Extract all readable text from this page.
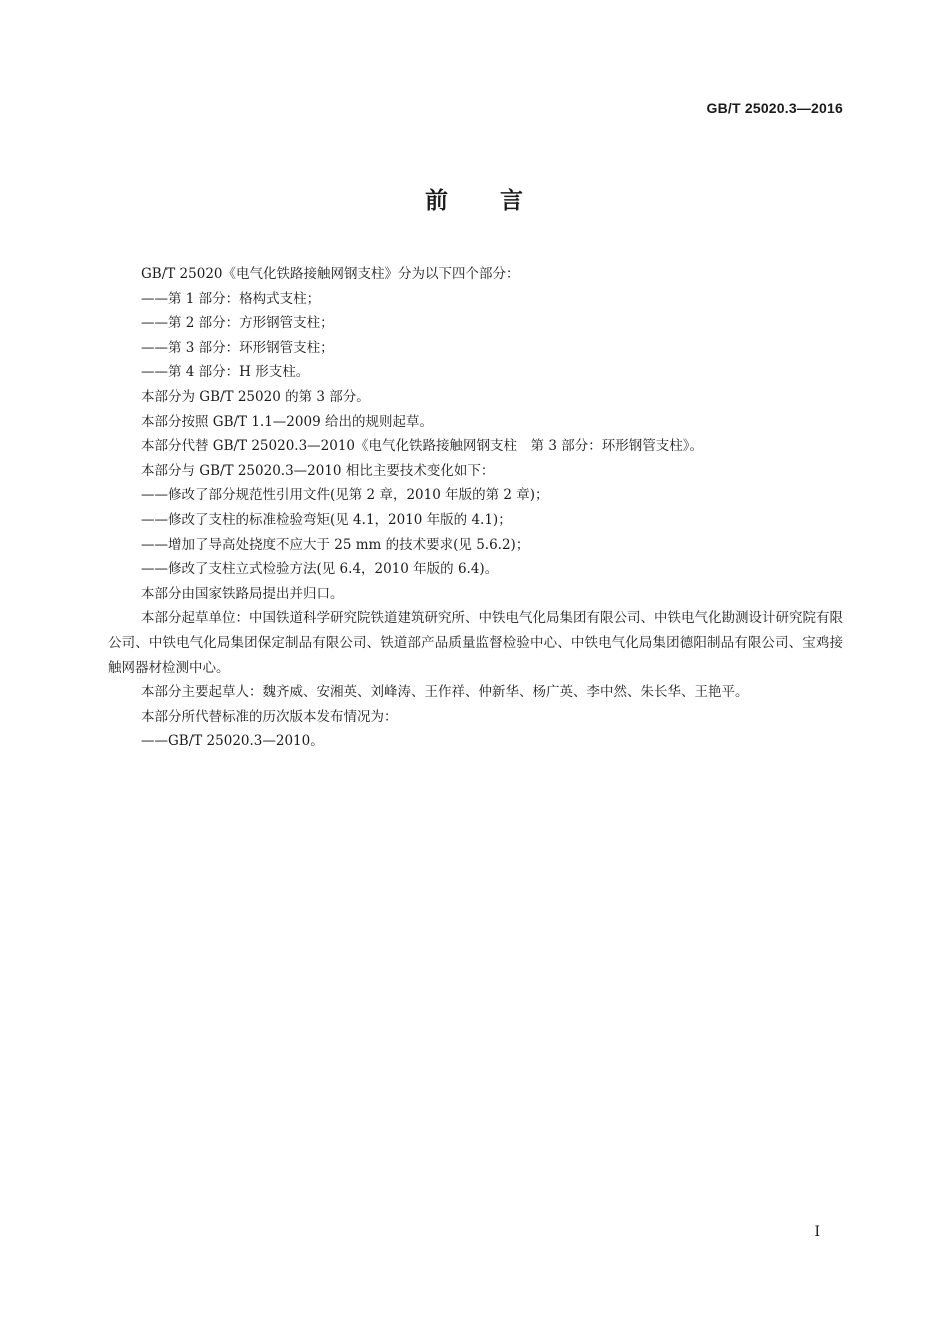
GB/T 25020.3—2016
前　　言

GB/T 25020《电气化铁路接触网钢支柱》分为以下四个部分：

——第 1 部分：格构式支柱；

——第 2 部分：方形钢管支柱；

——第 3 部分：环形钢管支柱；

——第 4 部分：H 形支柱。

本部分为 GB/T 25020 的第 3 部分。

本部分按照 GB/T 1.1—2009 给出的规则起草。

本部分代替 GB/T 25020.3—2010《电气化铁路接触网钢支柱　第 3 部分：环形钢管支柱》。

本部分与 GB/T 25020.3—2010 相比主要技术变化如下：

——修改了部分规范性引用文件(见第 2 章，2010 年版的第 2 章)；

——修改了支柱的标准检验弯矩(见 4.1，2010 年版的 4.1)；

——增加了导高处挠度不应大于 25 mm 的技术要求(见 5.6.2)；

——修改了支柱立式检验方法(见 6.4，2010 年版的 6.4)。

本部分由国家铁路局提出并归口。

本部分起草单位：中国铁道科学研究院铁道建筑研究所、中铁电气化局集团有限公司、中铁电气化勘测设计研究院有限公司、中铁电气化局集团保定制品有限公司、铁道部产品质量监督检验中心、中铁电气化局集团德阳制品有限公司、宝鸡接触网器材检测中心。

本部分主要起草人：魏齐威、安湘英、刘峰涛、王作祥、仲新华、杨广英、李中然、朱长华、王艳平。

本部分所代替标准的历次版本发布情况为：

——GB/T 25020.3—2010。

I
